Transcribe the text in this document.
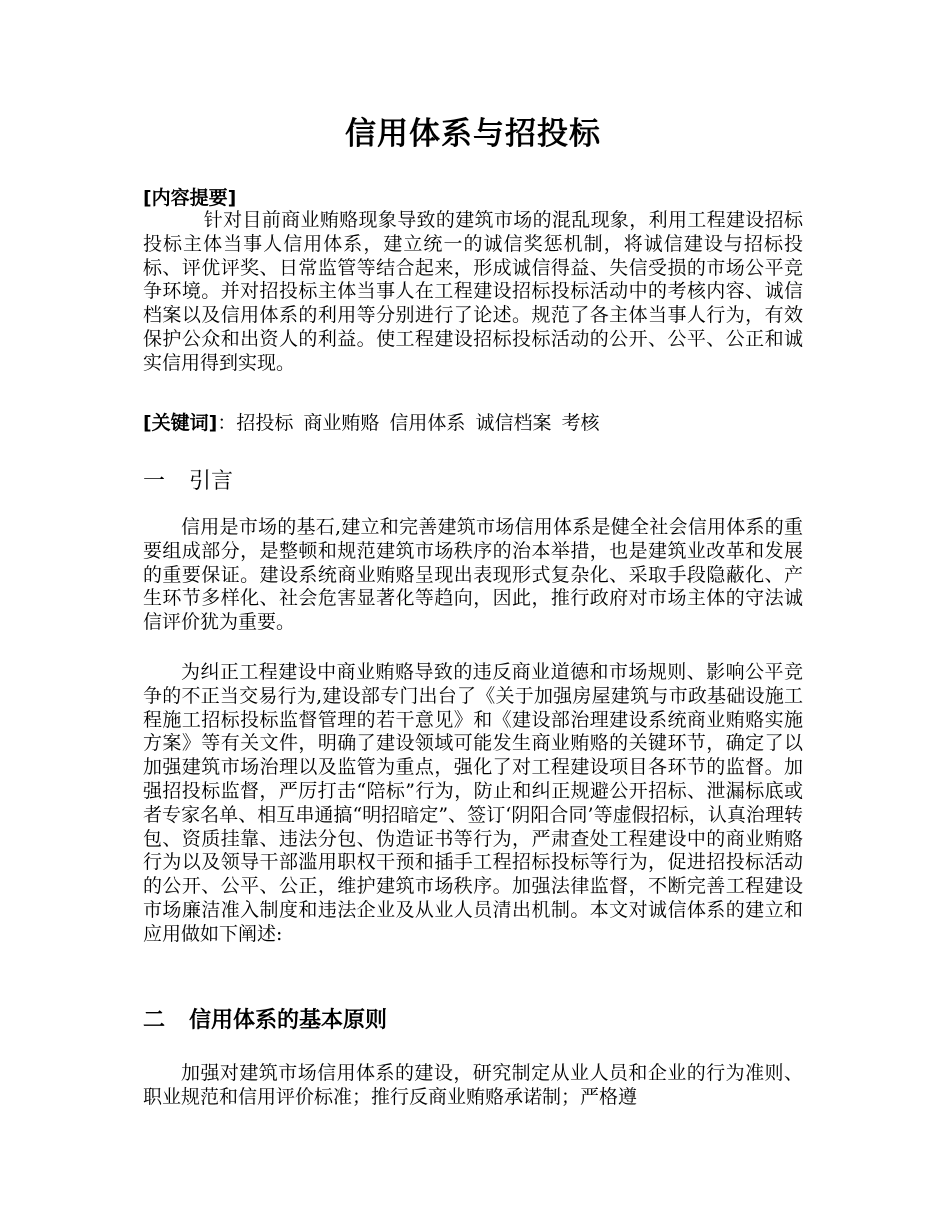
信用体系与招投标
[内容提要]

针对目前商业贿赂现象导致的建筑市场的混乱现象，利用工程建设招标投标主体当事人信用体系，建立统一的诚信奖惩机制，将诚信建设与招标投标、评优评奖、日常监管等结合起来，形成诚信得益、失信受损的市场公平竞争环境。并对招投标主体当事人在工程建设招标投标活动中的考核内容、诚信档案以及信用体系的利用等分别进行了论述。规范了各主体当事人行为，有效保护公众和出资人的利益。使工程建设招标投标活动的公开、公平、公正和诚实信用得到实现。

[关键词]：招投标 商业贿赂 信用体系 诚信档案 考核
一 引言

信用是市场的基石,建立和完善建筑市场信用体系是健全社会信用体系的重要组成部分，是整顿和规范建筑市场秩序的治本举措，也是建筑业改革和发展的重要保证。建设系统商业贿赂呈现出表现形式复杂化、采取手段隐蔽化、产生环节多样化、社会危害显著化等趋向，因此，推行政府对市场主体的守法诚信评价犹为重要。

为纠正工程建设中商业贿赂导致的违反商业道德和市场规则、影响公平竞争的不正当交易行为,建设部专门出台了《关于加强房屋建筑与市政基础设施工程施工招标投标监督管理的若干意见》和《建设部治理建设系统商业贿赂实施方案》等有关文件，明确了建设领域可能发生商业贿赂的关键环节，确定了以加强建筑市场治理以及监管为重点，强化了对工程建设项目各环节的监督。加强招投标监督，严厉打击“陪标”行为，防止和纠正规避公开招标、泄漏标底或者专家名单、相互串通搞“明招暗定”、签订‘阴阳合同’等虚假招标，认真治理转包、资质挂靠、违法分包、伪造证书等行为，严肃查处工程建设中的商业贿赂行为以及领导干部滥用职权干预和插手工程招标投标等行为，促进招投标活动的公开、公平、公正，维护建筑市场秩序。加强法律监督，不断完善工程建设市场廉洁准入制度和违法企业及从业人员清出机制。本文对诚信体系的建立和应用做如下阐述:

二 信用体系的基本原则

加强对建筑市场信用体系的建设，研究制定从业人员和企业的行为准则、职业规范和信用评价标准；推行反商业贿赂承诺制；严格遵
